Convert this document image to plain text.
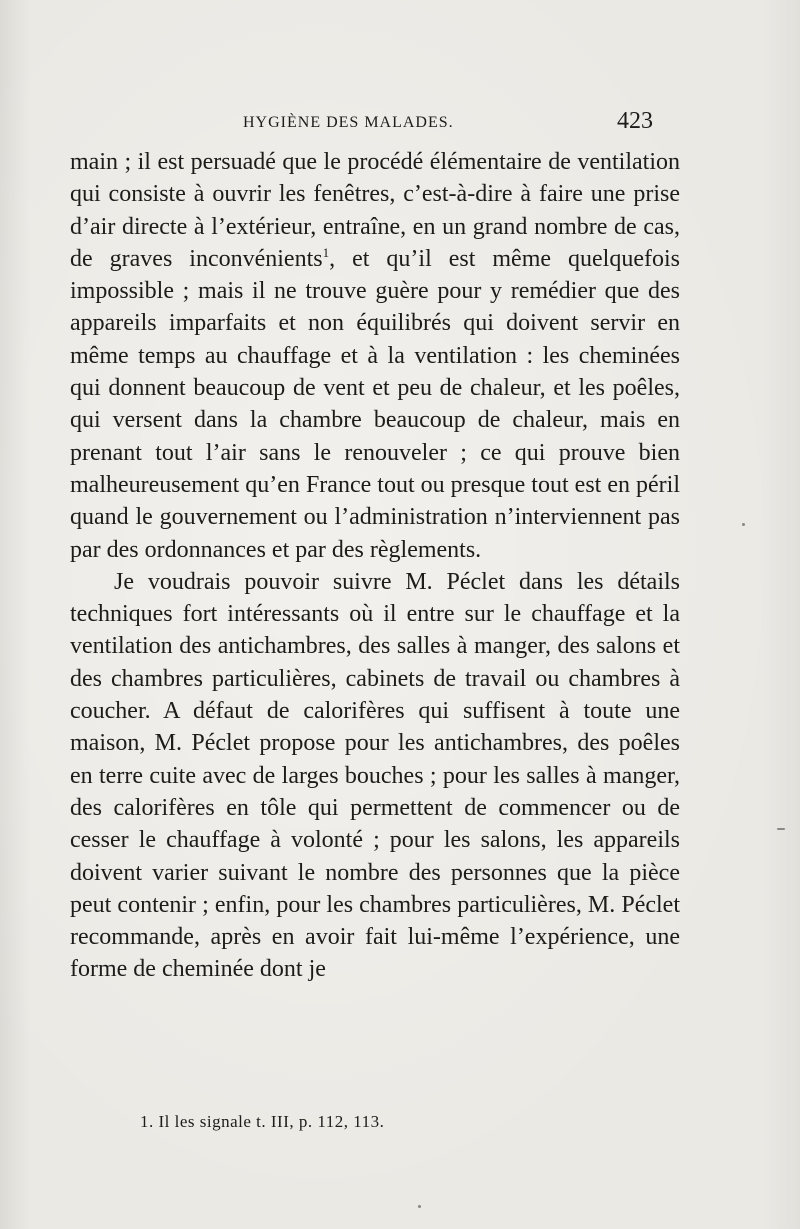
HYGIÈNE DES MALADES.	423

main ; il est persuadé que le procédé élémentaire de ventilation qui consiste à ouvrir les fenêtres, c’est-à-dire à faire une prise d’air directe à l’extérieur, entraîne, en un grand nombre de cas, de graves inconvénients$^1$, et qu’il est même quelquefois impossible ; mais il ne trouve guère pour y remédier que des appareils imparfaits et non équilibrés qui doivent servir en même temps au chauffage et à la ventilation : les cheminées qui donnent beaucoup de vent et peu de chaleur, et les poêles, qui versent dans la chambre beaucoup de chaleur, mais en prenant tout l’air sans le renouveler ; ce qui prouve bien malheureusement qu’en France tout ou presque tout est en péril quand le gouvernement ou l’administration n’interviennent pas par des ordonnances et par des règlements.

Je voudrais pouvoir suivre M. Péclet dans les détails techniques fort intéressants où il entre sur le chauffage et la ventilation des antichambres, des salles à manger, des salons et des chambres particulières, cabinets de travail ou chambres à coucher. A défaut de calorifères qui suffisent à toute une maison, M. Péclet propose pour les antichambres, des poêles en terre cuite avec de larges bouches ; pour les salles à manger, des calorifères en tôle qui permettent de commencer ou de cesser le chauffage à volonté ; pour les salons, les appareils doivent varier suivant le nombre des personnes que la pièce peut contenir ; enfin, pour les chambres particulières, M. Péclet recommande, après en avoir fait lui-même l’expérience, une forme de cheminée dont je

1. Il les signale t. III, p. 112, 113.
